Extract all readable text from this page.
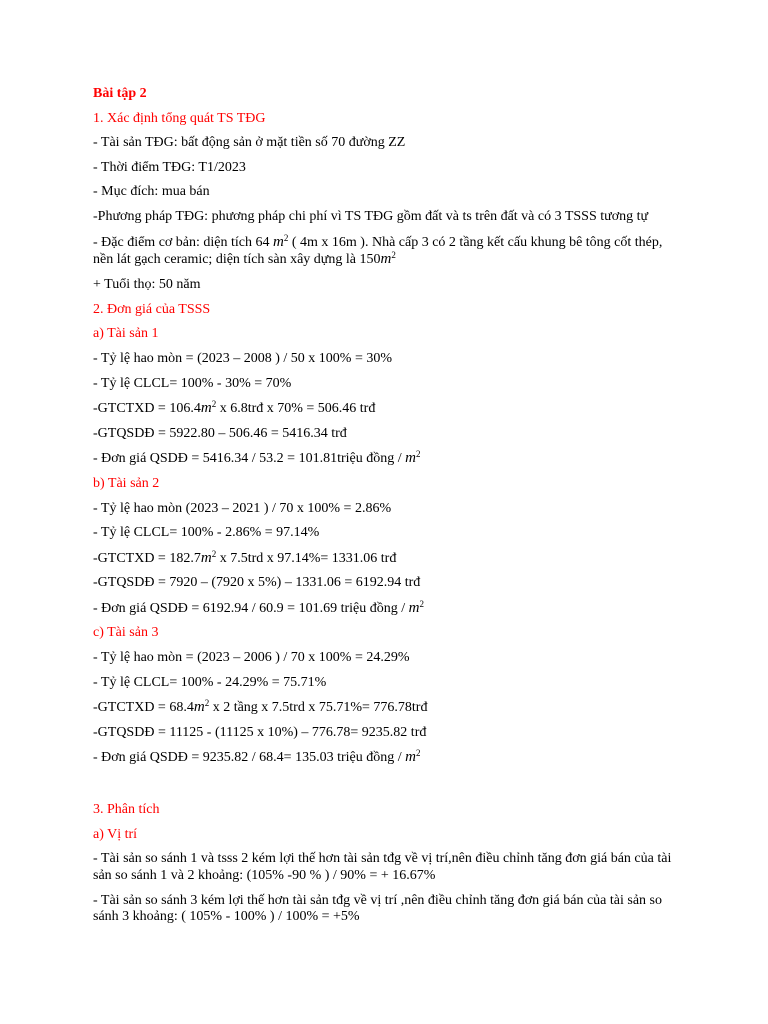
Bài tập 2
1. Xác định tổng quát TS TĐG
- Tài sản TĐG: bất động sản ở mặt tiền số 70 đường ZZ
- Thời điểm TĐG: T1/2023
- Mục đích: mua bán
-Phương pháp TĐG: phương pháp chi phí vì TS TĐG gồm đất và ts trên đất và có 3 TSSS tương tự
- Đặc điểm cơ bản: diện tích 64 $m^2$ ( 4m x 16m ). Nhà cấp 3 có 2 tầng kết cấu khung bê tông cốt thép, nền lát gạch ceramic; diện tích sàn xây dựng là $150m^2$
+ Tuổi thọ: 50 năm
2. Đơn giá của TSSS
a) Tài sản 1
- Tỷ lệ hao mòn = (2023 – 2008 ) / 50 x 100% = 30%
- Tỷ lệ CLCL= 100% - 30% = 70%
-GTCTXD = $106.4m^2$ x 6.8trđ x 70% = 506.46 trđ
-GTQSDĐ = 5922.80 – 506.46 = 5416.34 trđ
- Đơn giá QSDĐ = 5416.34 / 53.2 = 101.81triệu đồng / $m^2$
b) Tài sản 2
- Tỷ lệ hao mòn (2023 – 2021 ) / 70 x 100% = 2.86%
- Tỷ lệ CLCL= 100% - 2.86% = 97.14%
-GTCTXD = $182.7m^2$ x 7.5trd x 97.14%= 1331.06 trđ
-GTQSDĐ = 7920 – (7920 x 5%) – 1331.06 = 6192.94 trđ
- Đơn giá QSDĐ = 6192.94 / 60.9 = 101.69 triệu đồng / $m^2$
c) Tài sản 3
- Tỷ lệ hao mòn = (2023 – 2006 ) / 70 x 100% = 24.29%
- Tỷ lệ CLCL= 100% - 24.29% = 75.71%
-GTCTXD = $68.4m^2$ x 2 tầng x 7.5trd x 75.71%= 776.78trđ
-GTQSDĐ = 11125 - (11125 x 10%) – 776.78= 9235.82 trđ
- Đơn giá QSDĐ = 9235.82 / 68.4= 135.03 triệu đồng / $m^2$
3. Phân tích
a) Vị trí
- Tài sản so sánh 1 và tsss 2 kém lợi thế hơn tài sản tđg về vị trí,nên điều chỉnh tăng đơn giá bán của tài sản so sánh 1 và 2 khoảng: (105% -90 % ) / 90% = + 16.67%
- Tài sản so sánh 3 kém lợi thế hơn tài sản tđg về vị trí ,nên điều chỉnh tăng đơn giá bán của tài sản so sánh 3 khoảng: ( 105% - 100% ) / 100% = +5%
